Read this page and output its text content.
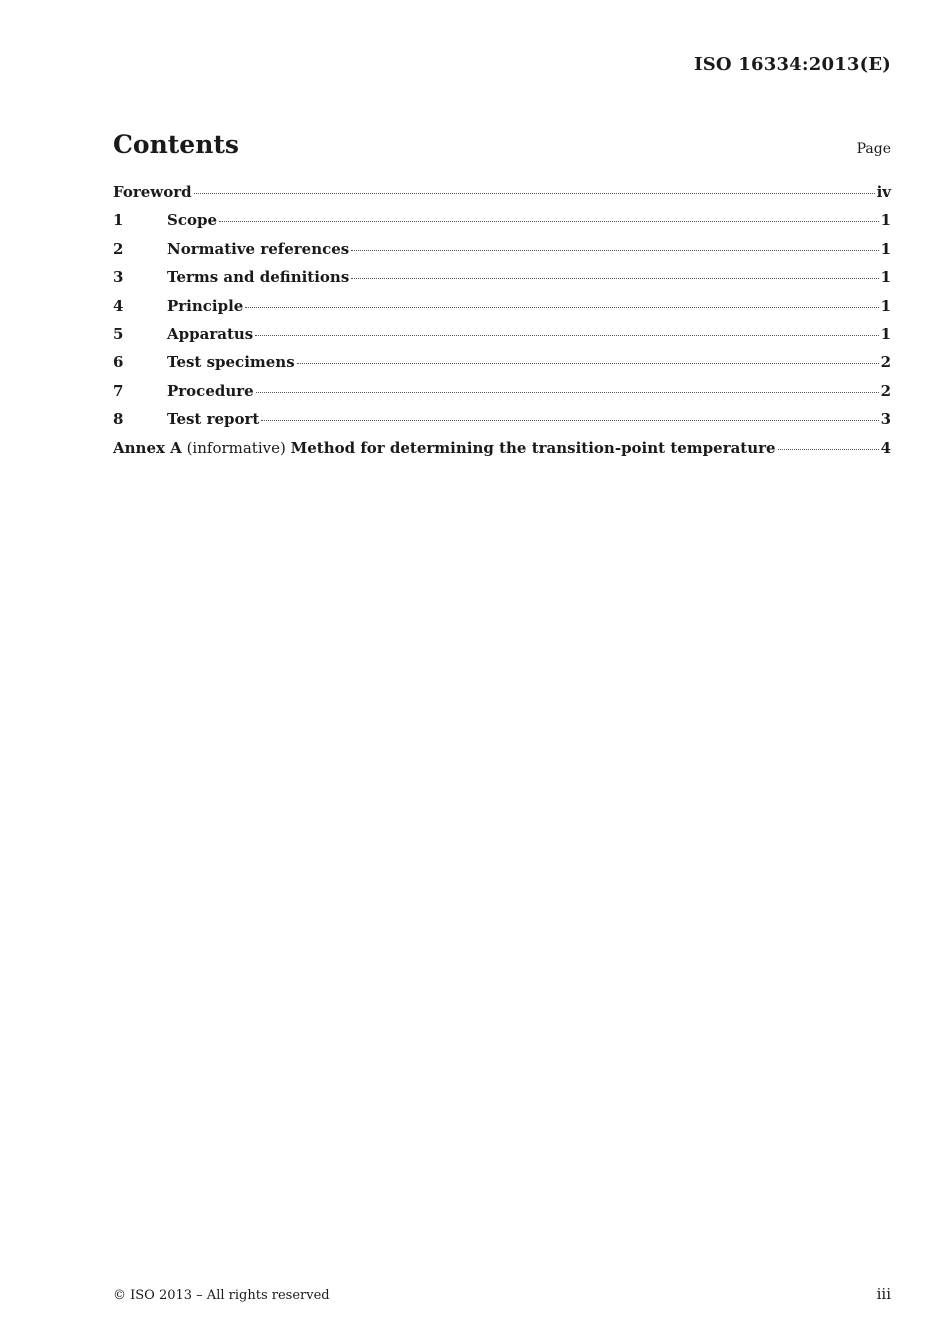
ISO 16334:2013(E)
Contents	Page
Foreword	iv
1	Scope	1
2	Normative references	1
3	Terms and definitions	1
4	Principle	1
5	Apparatus	1
6	Test specimens	2
7	Procedure	2
8	Test report	3
Annex A (informative) Method for determining the transition-point temperature	4
© ISO 2013 – All rights reserved	iii
